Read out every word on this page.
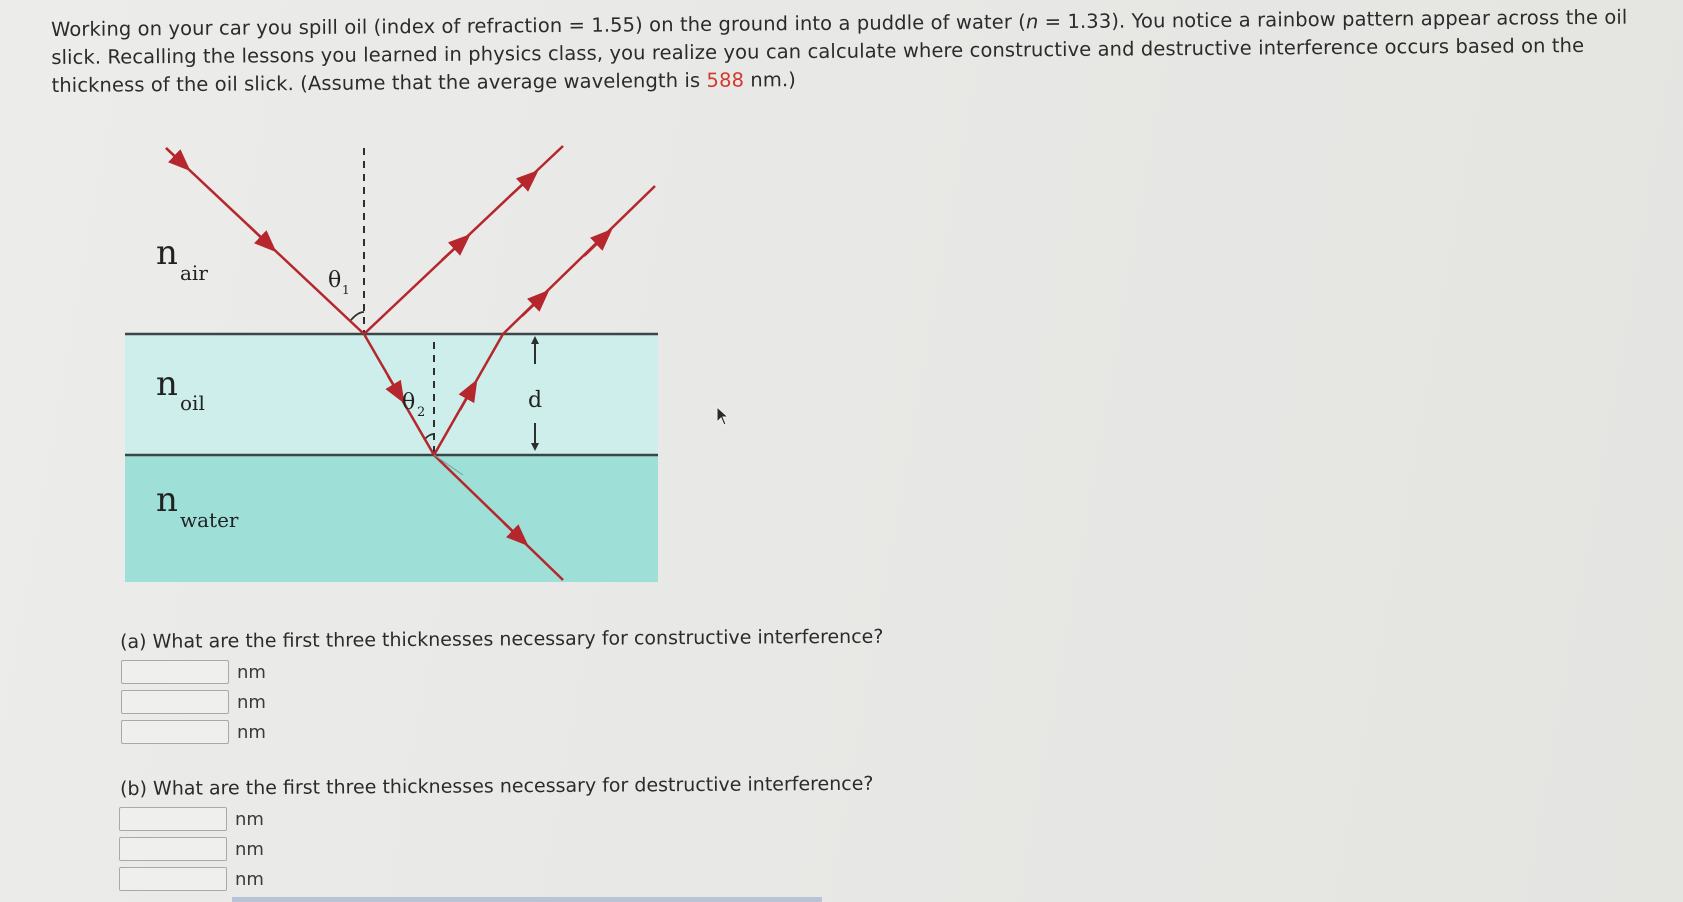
Working on your car you spill oil (index of refraction = 1.55) on the ground into a puddle of water (n = 1.33). You notice a rainbow pattern appear across the oil slick. Recalling the lessons you learned in physics class, you realize you can calculate where constructive and destructive interference occurs based on the thickness of the oil slick. (Assume that the average wavelength is 588 nm.)
n air
n oil
n water
θ 1
θ 2	d
(a) What are the first three thicknesses necessary for constructive interference?
nm
nm
nm
(b) What are the first three thicknesses necessary for destructive interference?
nm
nm
nm
